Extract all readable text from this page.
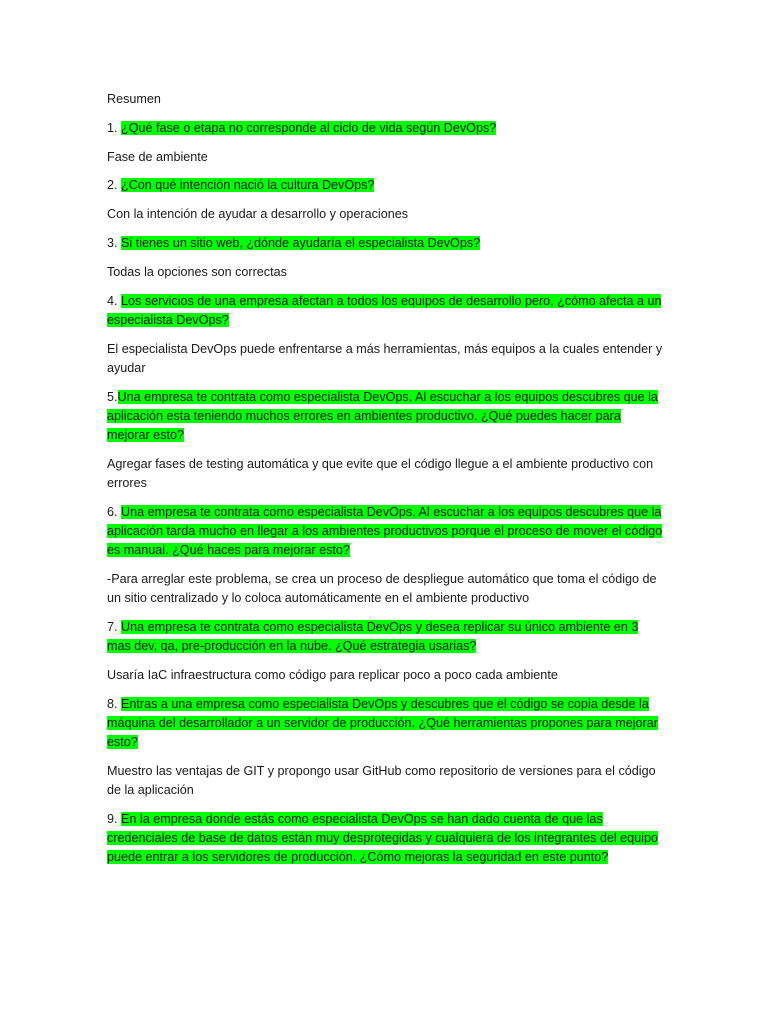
Resumen

1. ¿Qué fase o etapa no corresponde al ciclo de vida según DevOps?

Fase de ambiente

2. ¿Con qué intención nació la cultura DevOps?

Con la intención de ayudar a desarrollo y operaciones

3. Si tienes un sitio web, ¿dónde ayudaría el especialista DevOps?

Todas la opciones son correctas

4. Los servicios de una empresa afectan a todos los equipos de desarrollo pero, ¿cómo afecta a un especialista DevOps?

El especialista DevOps puede enfrentarse a más herramientas, más equipos a la cuales entender y ayudar

5.Una empresa te contrata como especialista DevOps. Al escuchar a los equipos descubres que la aplicación esta teniendo muchos errores en ambientes productivo. ¿Qué puedes hacer para mejorar esto?

Agregar fases de testing automática y que evite que el código llegue a el ambiente productivo con errores

6. Una empresa te contrata como especialista DevOps. Al escuchar a los equipos descubres que la aplicación tarda mucho en llegar a los ambientes productivos porque el proceso de mover el código es manual. ¿Qué haces para mejorar esto?

-Para arreglar este problema, se crea un proceso de despliegue automático que toma el código de un sitio centralizado y lo coloca automáticamente en el ambiente productivo

7. Una empresa te contrata como especialista DevOps y desea replicar su único ambiente en 3 mas dev, qa, pre-producción en la nube. ¿Qué estrategia usarias?

Usaría IaC infraestructura como código para replicar poco a poco cada ambiente

8. Entras a una empresa como especialista DevOps y descubres que el código se copia desde la máquina del desarrollador a un servidor de producción. ¿Qué herramientas propones para mejorar esto?

Muestro las ventajas de GIT y propongo usar GitHub como repositorio de versiones para el código de la aplicación

9. En la empresa donde estás como especialista DevOps se han dado cuenta de que las credenciales de base de datos están muy desprotegidas y cualquiera de los integrantes del equipo puede entrar a los servidores de producción. ¿Cómo mejoras la seguridad en este punto?
